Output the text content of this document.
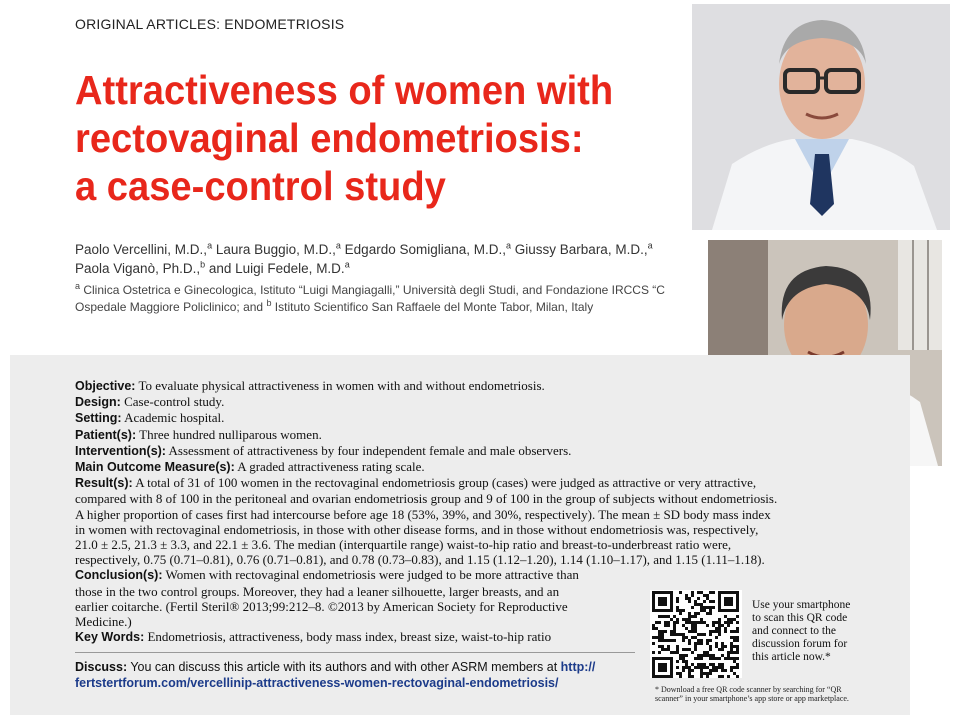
ORIGINAL ARTICLES: ENDOMETRIOSIS
Attractiveness of women with
rectovaginal endometriosis:
a case-control study
Paolo Vercellini, M.D.,$^a$ Laura Buggio, M.D.,$^a$ Edgardo Somigliana, M.D.,$^a$ Giussy Barbara, M.D.,$^a$
Paola Viganò, Ph.D.,$^b$ and Luigi Fedele, M.D.$^a$
$^a$ Clinica Ostetrica e Ginecologica, Istituto “Luigi Mangiagalli,” Università degli Studi, and Fondazione IRCCS “C
Ospedale Maggiore Policlinico; and $^b$ Istituto Scientifico San Raffaele del Monte Tabor, Milan, Italy
Objective: To evaluate physical attractiveness in women with and without endometriosis.
Design: Case-control study.
Setting: Academic hospital.
Patient(s): Three hundred nulliparous women.
Intervention(s): Assessment of attractiveness by four independent female and male observers.
Main Outcome Measure(s): A graded attractiveness rating scale.
Result(s): A total of 31 of 100 women in the rectovaginal endometriosis group (cases) were judged as attractive or very attractive,
compared with 8 of 100 in the peritoneal and ovarian endometriosis group and 9 of 100 in the group of subjects without endometriosis.
A higher proportion of cases first had intercourse before age 18 (53%, 39%, and 30%, respectively). The mean ± SD body mass index
in women with rectovaginal endometriosis, in those with other disease forms, and in those without endometriosis was, respectively,
21.0 ± 2.5, 21.3 ± 3.3, and 22.1 ± 3.6. The median (interquartile range) waist-to-hip ratio and breast-to-underbreast ratio were,
respectively, 0.75 (0.71–0.81), 0.76 (0.71–0.81), and 0.78 (0.73–0.83), and 1.15 (1.12–1.20), 1.14 (1.10–1.17), and 1.15 (1.11–1.18).
Conclusion(s): Women with rectovaginal endometriosis were judged to be more attractive than
those in the two control groups. Moreover, they had a leaner silhouette, larger breasts, and an
earlier coitarche. (Fertil Steril® 2013;99:212–8. ©2013 by American Society for Reproductive
Medicine.)
Key Words: Endometriosis, attractiveness, body mass index, breast size, waist-to-hip ratio
Discuss: You can discuss this article with its authors and with other ASRM members at http://
fertstertforum.com/vercellinip-attractiveness-women-rectovaginal-endometriosis/
Use your smartphone
to scan this QR code
and connect to the
discussion forum for
this article now.*
* Download a free QR code scanner by searching for “QR
scanner” in your smartphone’s app store or app marketplace.
